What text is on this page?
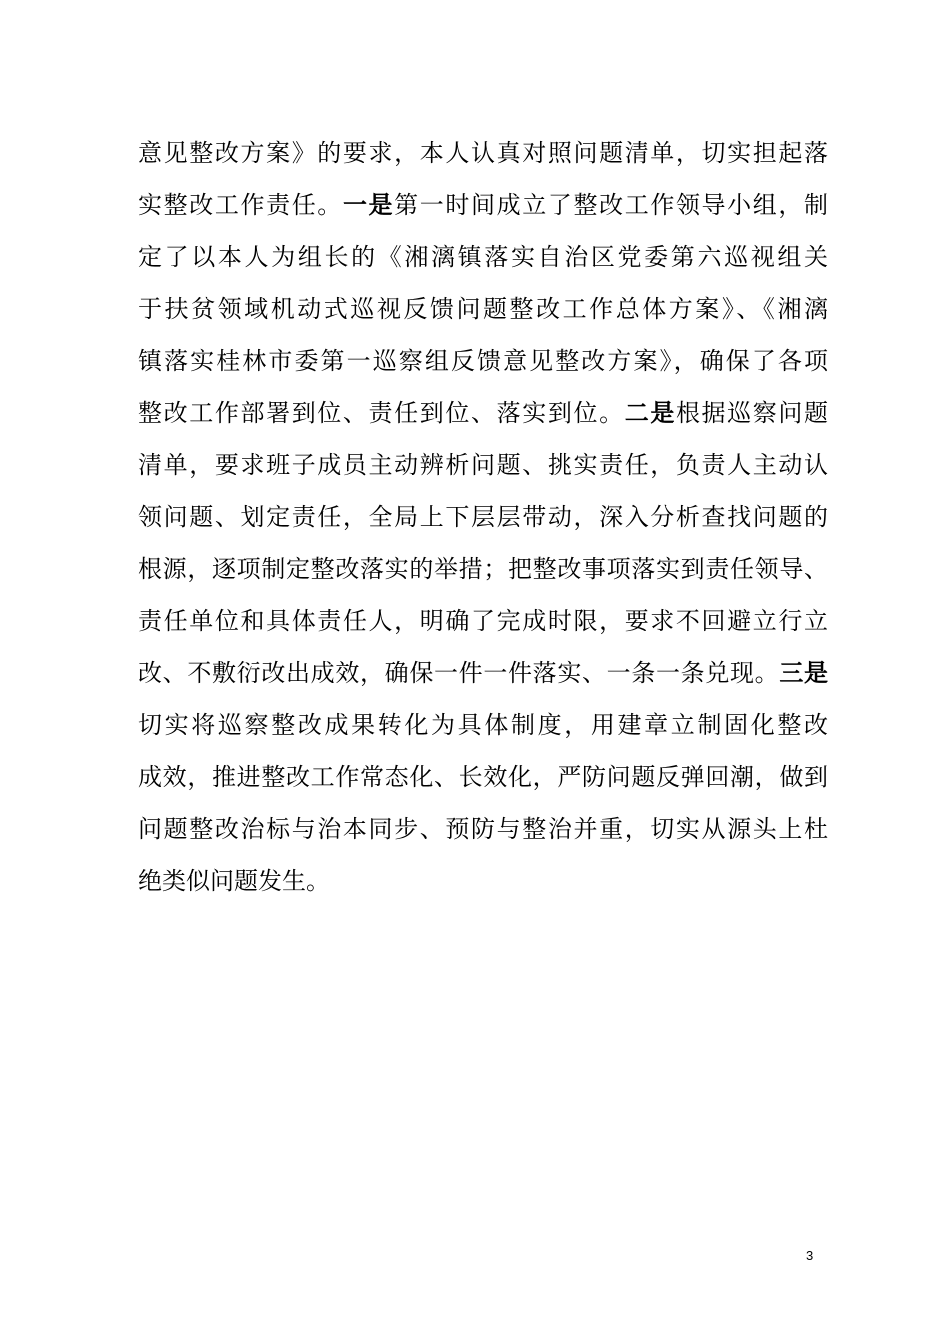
意见整改方案》的要求，本人认真对照问题清单，切实担起落
实整改工作责任。一是第一时间成立了整改工作领导小组，制
定了以本人为组长的《湘漓镇落实自治区党委第六巡视组关
于扶贫领域机动式巡视反馈问题整改工作总体方案》、《湘漓
镇落实桂林市委第一巡察组反馈意见整改方案》，确保了各项
整改工作部署到位、责任到位、落实到位。二是根据巡察问题
清单，要求班子成员主动辨析问题、挑实责任，负责人主动认
领问题、划定责任，全局上下层层带动，深入分析查找问题的
根源，逐项制定整改落实的举措；把整改事项落实到责任领导、
责任单位和具体责任人，明确了完成时限，要求不回避立行立
改、不敷衍改出成效，确保一件一件落实、一条一条兑现。三是
切实将巡察整改成果转化为具体制度，用建章立制固化整改
成效，推进整改工作常态化、长效化，严防问题反弹回潮，做到
问题整改治标与治本同步、预防与整治并重，切实从源头上杜
绝类似问题发生。
3
